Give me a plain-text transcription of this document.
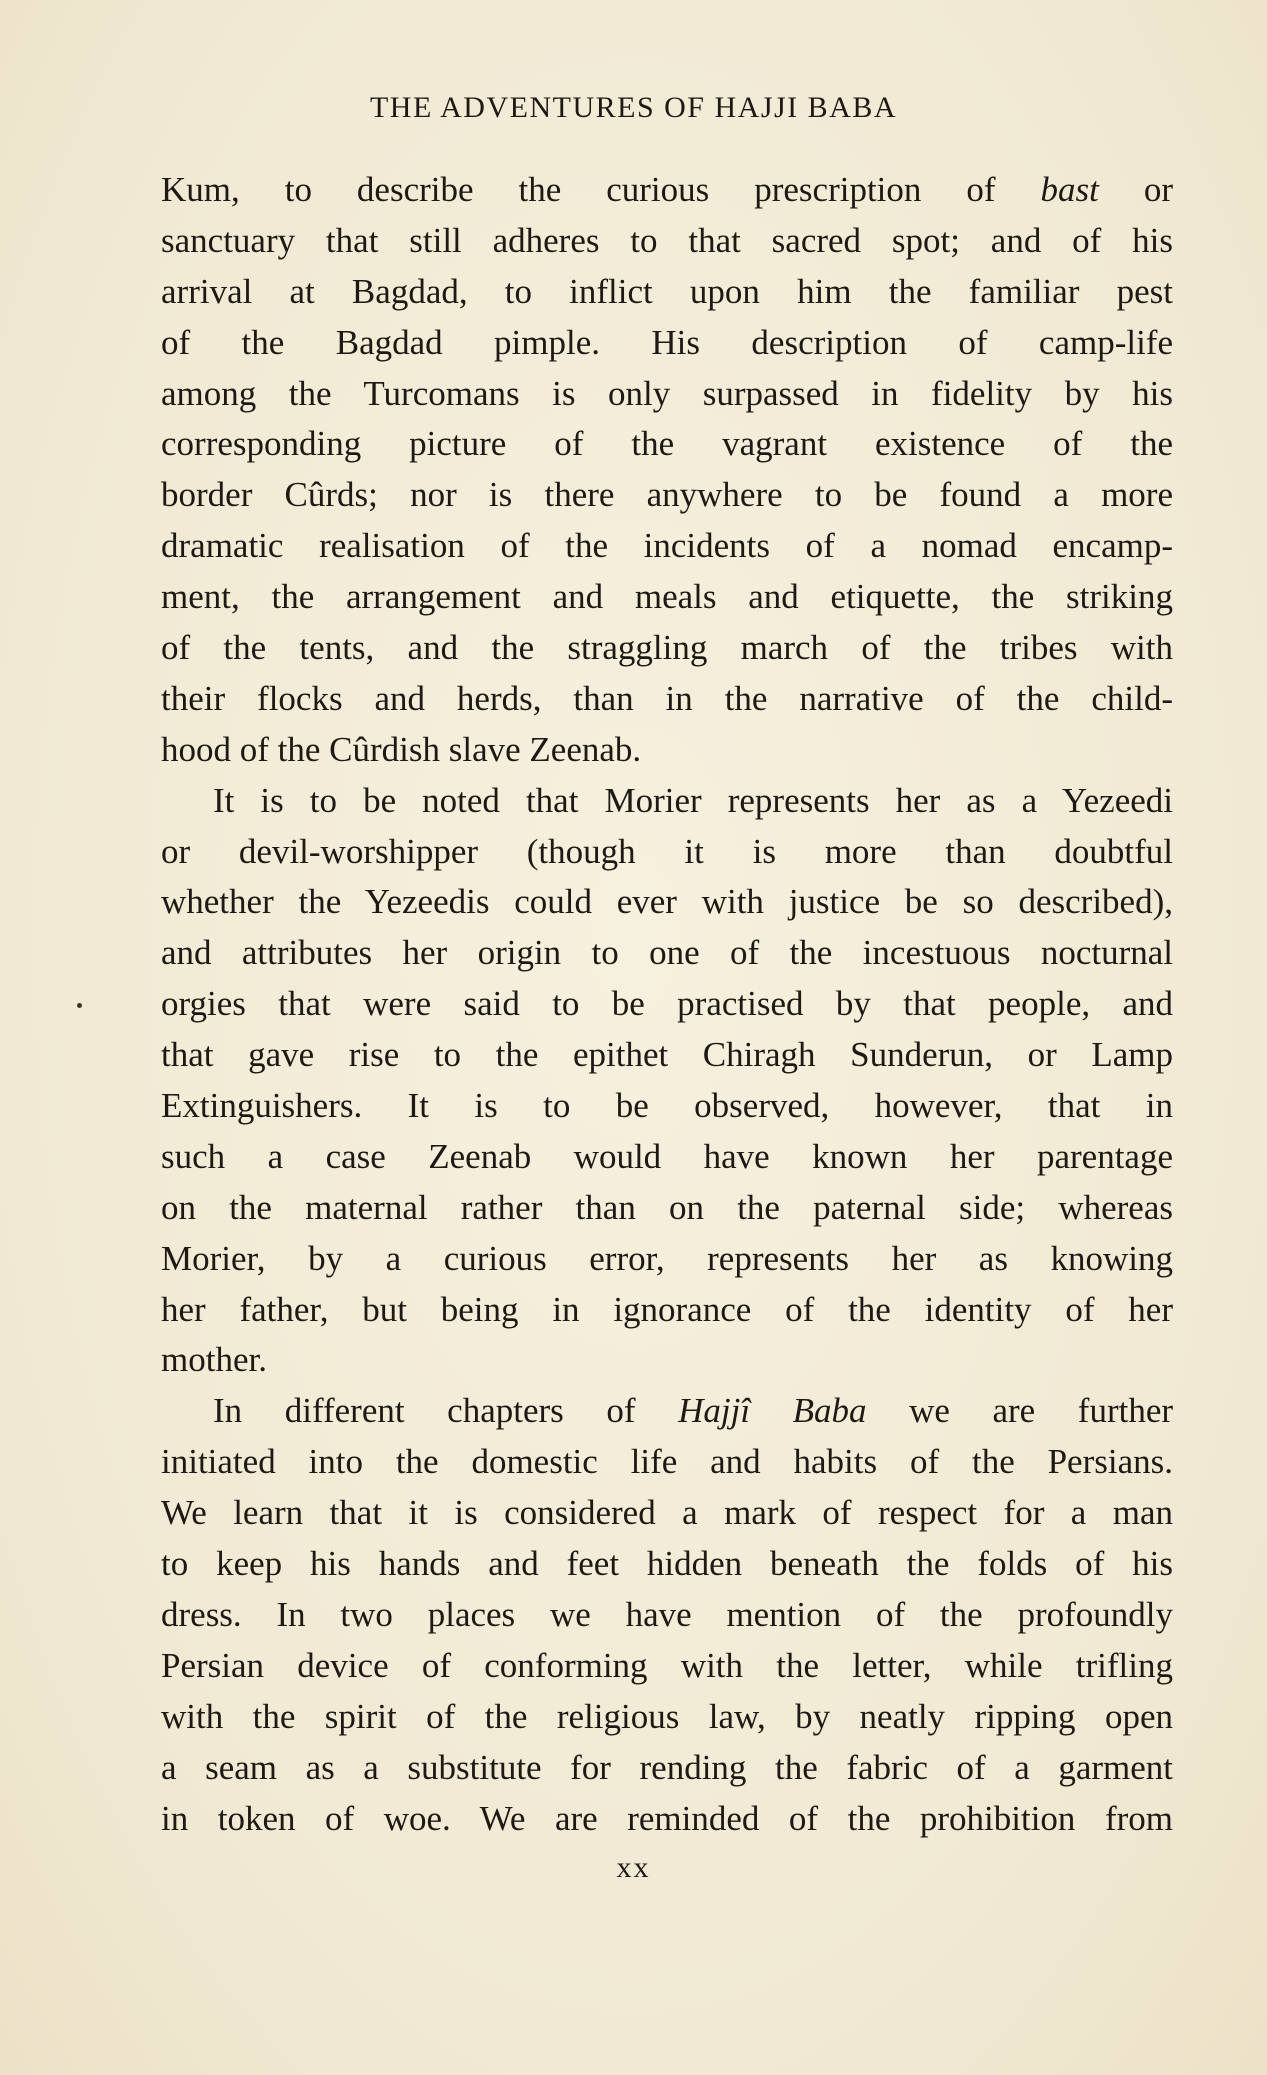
THE ADVENTURES OF HAJJI BABA
Kum, to describe the curious prescription of bast or
sanctuary that still adheres to that sacred spot; and of his
arrival at Bagdad, to inflict upon him the familiar pest
of the Bagdad pimple. His description of camp-life
among the Turcomans is only surpassed in fidelity by his
corresponding picture of the vagrant existence of the
border Cûrds; nor is there anywhere to be found a more
dramatic realisation of the incidents of a nomad encamp-
ment, the arrangement and meals and etiquette, the striking
of the tents, and the straggling march of the tribes with
their flocks and herds, than in the narrative of the child-
hood of the Cûrdish slave Zeenab.
It is to be noted that Morier represents her as a Yezeedi
or devil-worshipper (though it is more than doubtful
whether the Yezeedis could ever with justice be so described),
and attributes her origin to one of the incestuous nocturnal
orgies that were said to be practised by that people, and
that gave rise to the epithet Chiragh Sunderun, or Lamp
Extinguishers. It is to be observed, however, that in
such a case Zeenab would have known her parentage
on the maternal rather than on the paternal side; whereas
Morier, by a curious error, represents her as knowing
her father, but being in ignorance of the identity of her
mother.
In different chapters of Hajjî Baba we are further
initiated into the domestic life and habits of the Persians.
We learn that it is considered a mark of respect for a man
to keep his hands and feet hidden beneath the folds of his
dress. In two places we have mention of the profoundly
Persian device of conforming with the letter, while trifling
with the spirit of the religious law, by neatly ripping open
a seam as a substitute for rending the fabric of a garment
in token of woe. We are reminded of the prohibition from
xx
